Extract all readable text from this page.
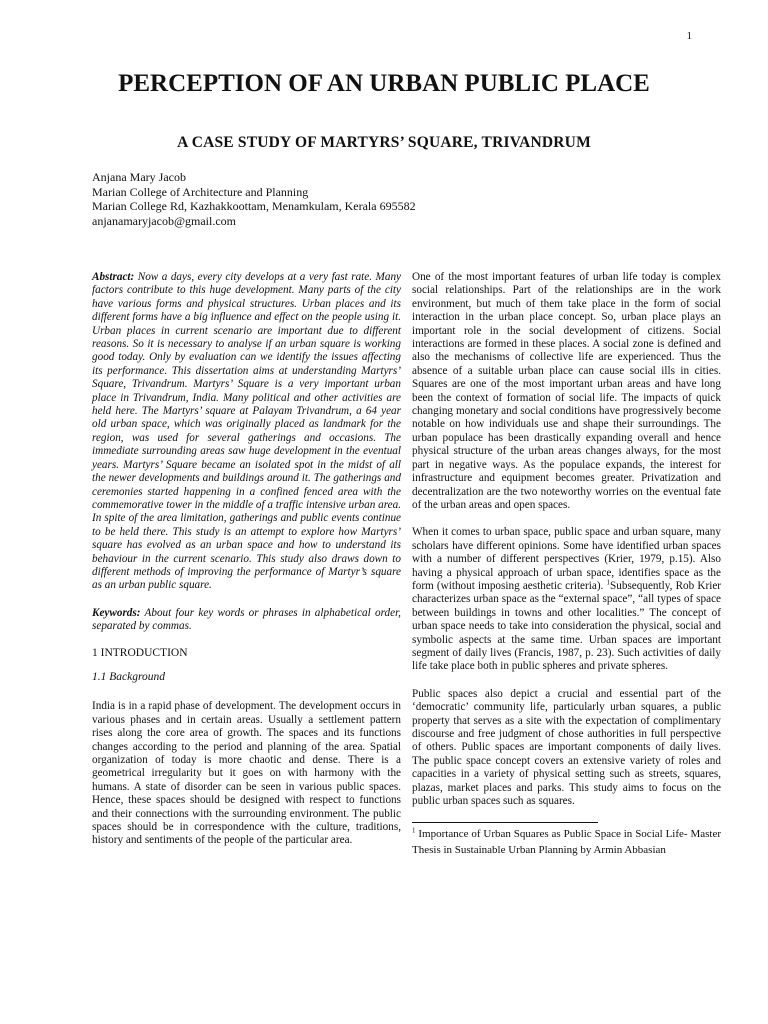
1
PERCEPTION OF AN URBAN PUBLIC PLACE
A CASE STUDY OF MARTYRS’ SQUARE, TRIVANDRUM
Anjana Mary Jacob
Marian College of Architecture and Planning
Marian College Rd, Kazhakkoottam, Menamkulam, Kerala 695582
anjanamaryjacob@gmail.com

Abstract: Now a days, every city develops at a very fast rate. Many factors contribute to this huge development. Many parts of the city have various forms and physical structures. Urban places and its different forms have a big influence and effect on the people using it. Urban places in current scenario are important due to different reasons. So it is necessary to analyse if an urban square is working good today. Only by evaluation can we identify the issues affecting its performance. This dissertation aims at understanding Martyrs’ Square, Trivandrum. Martyrs’ Square is a very important urban place in Trivandrum, India. Many political and other activities are held here. The Martyrs’ square at Palayam Trivandrum, a 64 year old urban space, which was originally placed as landmark for the region, was used for several gatherings and occasions. The immediate surrounding areas saw huge development in the eventual years. Martyrs’ Square became an isolated spot in the midst of all the newer developments and buildings around it. The gatherings and ceremonies started happening in a confined fenced area with the commemorative tower in the middle of a traffic intensive urban area. In spite of the area limitation, gatherings and public events continue to be held there. This study is an attempt to explore how Martyrs’ square has evolved as an urban space and how to understand its behaviour in the current scenario. This study also draws down to different methods of improving the performance of Martyr’s square as an urban public square.

Keywords: About four key words or phrases in alphabetical order, separated by commas.

1 INTRODUCTION

1.1 Background

India is in a rapid phase of development. The development occurs in various phases and in certain areas. Usually a settlement pattern rises along the core area of growth. The spaces and its functions changes according to the period and planning of the area. Spatial organization of today is more chaotic and dense. There is a geometrical irregularity but it goes on with harmony with the humans. A state of disorder can be seen in various public spaces. Hence, these spaces should be designed with respect to functions and their connections with the surrounding environment. The public spaces should be in correspondence with the culture, traditions, history and sentiments of the people of the particular area.

One of the most important features of urban life today is complex social relationships. Part of the relationships are in the work environment, but much of them take place in the form of social interaction in the urban place concept. So, urban place plays an important role in the social development of citizens. Social interactions are formed in these places. A social zone is defined and also the mechanisms of collective life are experienced. Thus the absence of a suitable urban place can cause social ills in cities. Squares are one of the most important urban areas and have long been the context of formation of social life. The impacts of quick changing monetary and social conditions have progressively become notable on how individuals use and shape their surroundings. The urban populace has been drastically expanding overall and hence physical structure of the urban areas changes always, for the most part in negative ways. As the populace expands, the interest for infrastructure and equipment becomes greater. Privatization and decentralization are the two noteworthy worries on the eventual fate of the urban areas and open spaces.

When it comes to urban space, public space and urban square, many scholars have different opinions. Some have identified urban spaces with a number of different perspectives (Krier, 1979, p.15). Also having a physical approach of urban space, identifies space as the form (without imposing aesthetic criteria). $^1$Subsequently, Rob Krier characterizes urban space as the “external space”, “all types of space between buildings in towns and other localities.” The concept of urban space needs to take into consideration the physical, social and symbolic aspects at the same time. Urban spaces are important segment of daily lives (Francis, 1987, p. 23). Such activities of daily life take place both in public spheres and private spheres.

Public spaces also depict a crucial and essential part of the ‘democratic’ community life, particularly urban squares, a public property that serves as a site with the expectation of complimentary discourse and free judgment of chose authorities in full perspective of others. Public spaces are important components of daily lives. The public space concept covers an extensive variety of roles and capacities in a variety of physical setting such as streets, squares, plazas, market places and parks. This study aims to focus on the public urban spaces such as squares.

$^1$ Importance of Urban Squares as Public Space in Social Life- Master Thesis in Sustainable Urban Planning by Armin Abbasian
